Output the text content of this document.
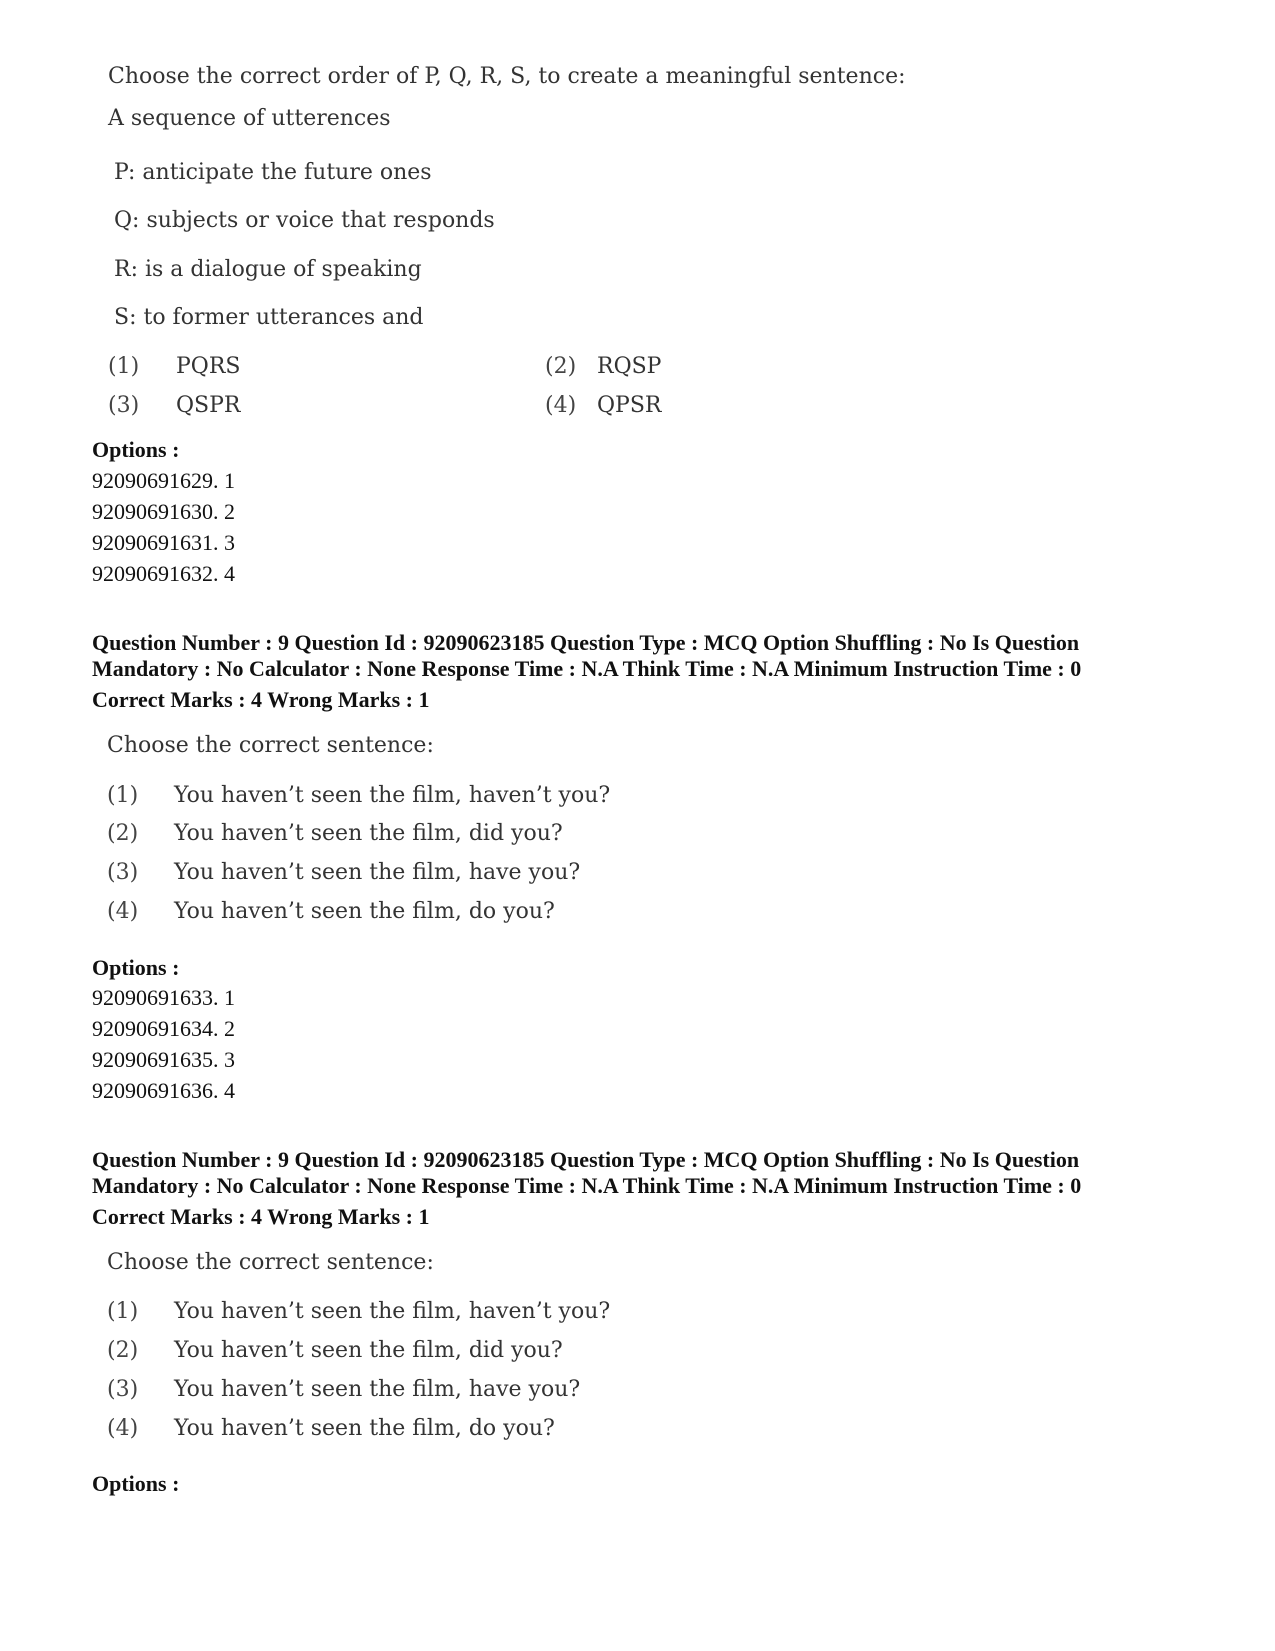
Choose the correct order of P, Q, R, S, to create a meaningful sentence:
A sequence of utterences
P: anticipate the future ones
Q: subjects or voice that responds
R: is a dialogue of speaking
S: to former utterances and
(1) PQRS	(2) RQSP
(3) QSPR	(4) QPSR
Options :
92090691629. 1
92090691630. 2
92090691631. 3
92090691632. 4
Question Number : 9 Question Id : 92090623185 Question Type : MCQ Option Shuffling : No Is Question
Mandatory : No Calculator : None Response Time : N.A Think Time : N.A Minimum Instruction Time : 0
Correct Marks : 4 Wrong Marks : 1
Choose the correct sentence:
(1) You haven’t seen the film, haven’t you?
(2) You haven’t seen the film, did you?
(3) You haven’t seen the film, have you?
(4) You haven’t seen the film, do you?
Options :
92090691633. 1
92090691634. 2
92090691635. 3
92090691636. 4
Question Number : 9 Question Id : 92090623185 Question Type : MCQ Option Shuffling : No Is Question
Mandatory : No Calculator : None Response Time : N.A Think Time : N.A Minimum Instruction Time : 0
Correct Marks : 4 Wrong Marks : 1
Choose the correct sentence:
(1) You haven’t seen the film, haven’t you?
(2) You haven’t seen the film, did you?
(3) You haven’t seen the film, have you?
(4) You haven’t seen the film, do you?
Options :
